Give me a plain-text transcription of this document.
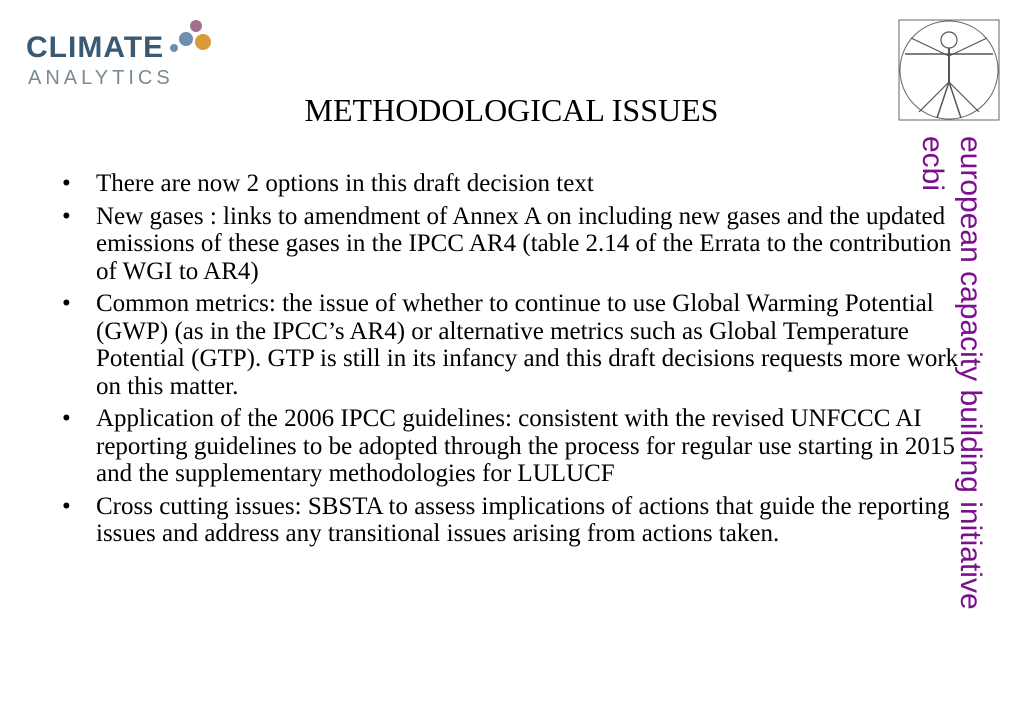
CLIMATE
ANALYTICS
METHODOLOGICAL ISSUES
• There are now 2 options in this draft decision text
• New gases : links to amendment of Annex A on including new gases and the updated emissions of these gases in the IPCC AR4 (table 2.14 of the Errata to the contribution of WGI to AR4)
• Common metrics: the issue of whether to continue to use Global Warming Potential (GWP) (as in the IPCC’s AR4) or alternative metrics such as Global Temperature Potential (GTP). GTP is still in its infancy and this draft decisions requests more work on this matter.
• Application of the 2006 IPCC guidelines: consistent with the revised UNFCCC AI reporting guidelines to be adopted through the process for regular use starting in 2015 and the supplementary methodologies for LULUCF
• Cross cutting issues: SBSTA to assess implications of actions that guide the reporting issues and address any transitional issues arising from actions taken.	european capacity building initiative
ecbi
